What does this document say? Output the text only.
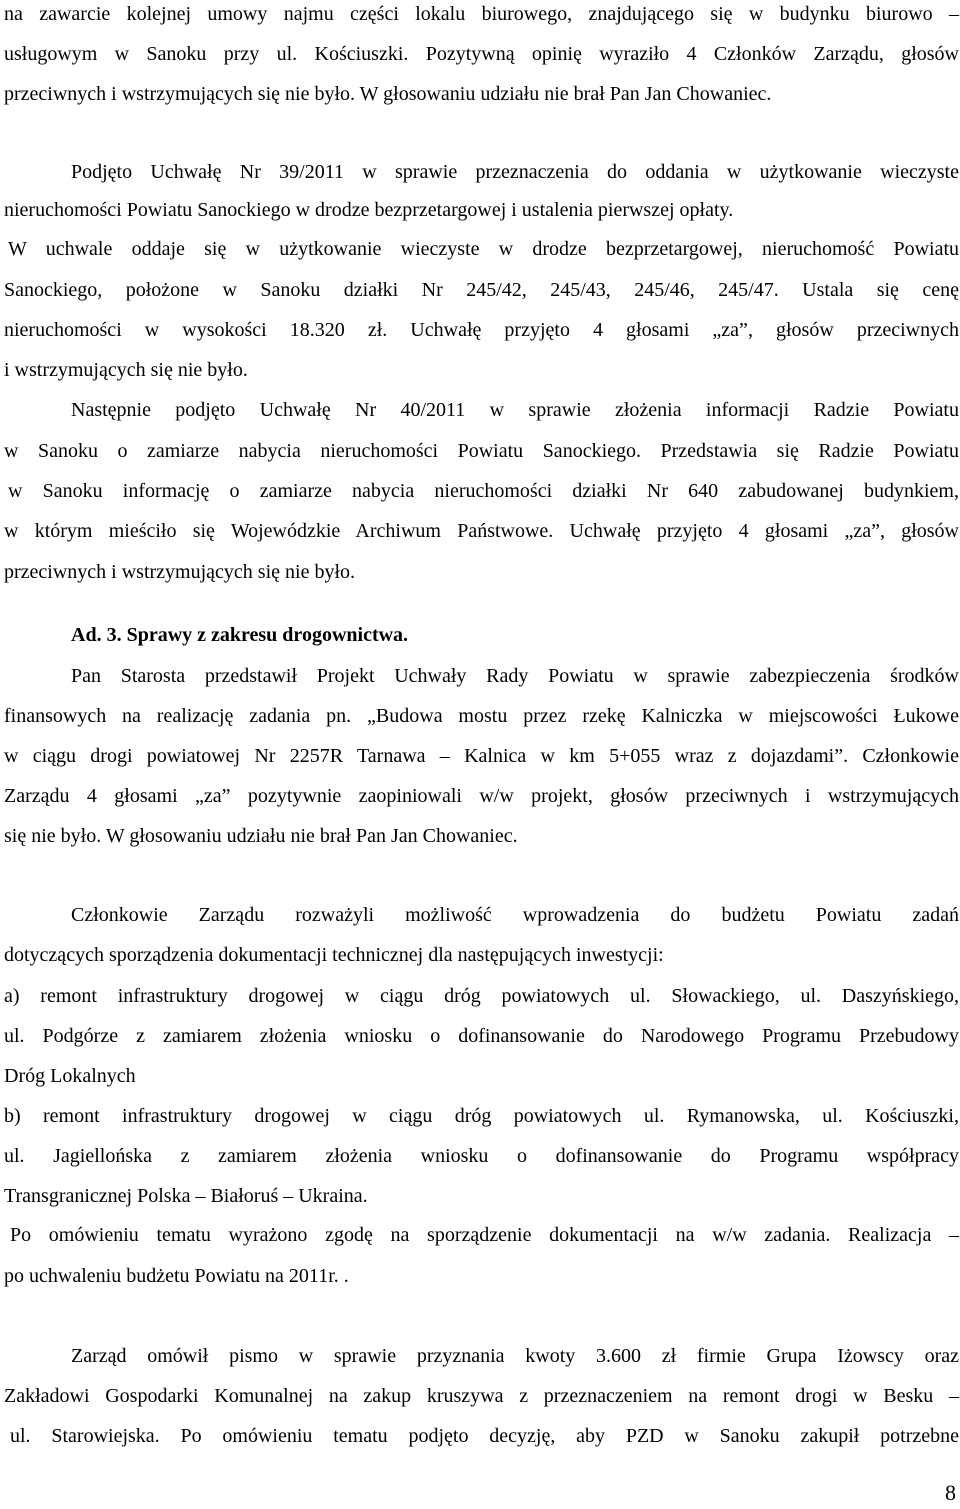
na zawarcie kolejnej umowy najmu części lokalu biurowego, znajdującego się w budynku biurowo –
usługowym w Sanoku przy ul. Kościuszki. Pozytywną opinię wyraziło 4 Członków Zarządu, głosów
przeciwnych i wstrzymujących się nie było. W głosowaniu udziału nie brał Pan Jan Chowaniec.
Podjęto Uchwałę Nr 39/2011 w sprawie przeznaczenia do oddania w użytkowanie wieczyste
nieruchomości Powiatu Sanockiego w drodze bezprzetargowej i ustalenia pierwszej opłaty.
W uchwale oddaje się w użytkowanie wieczyste w drodze bezprzetargowej, nieruchomość Powiatu
Sanockiego, położone w Sanoku działki Nr 245/42, 245/43, 245/46, 245/47. Ustala się cenę
nieruchomości w wysokości 18.320 zł. Uchwałę przyjęto 4 głosami „za”, głosów przeciwnych
i wstrzymujących się nie było.
Następnie podjęto Uchwałę Nr 40/2011 w sprawie złożenia informacji Radzie Powiatu
w Sanoku o zamiarze nabycia nieruchomości Powiatu Sanockiego. Przedstawia się Radzie Powiatu
w Sanoku informację o zamiarze nabycia nieruchomości działki Nr 640 zabudowanej budynkiem,
w którym mieściło się Wojewódzkie Archiwum Państwowe. Uchwałę przyjęto 4 głosami „za”, głosów
przeciwnych i wstrzymujących się nie było.
Ad. 3. Sprawy z zakresu drogownictwa.
Pan Starosta przedstawił Projekt Uchwały Rady Powiatu w sprawie zabezpieczenia środków
finansowych na realizację zadania pn. „Budowa mostu przez rzekę Kalniczka w miejscowości Łukowe
w ciągu drogi powiatowej Nr 2257R Tarnawa – Kalnica w km 5+055 wraz z dojazdami”. Członkowie
Zarządu 4 głosami „za” pozytywnie zaopiniowali w/w projekt, głosów przeciwnych i wstrzymujących
się nie było. W głosowaniu udziału nie brał Pan Jan Chowaniec.
Członkowie Zarządu rozważyli możliwość wprowadzenia do budżetu Powiatu zadań
dotyczących sporządzenia dokumentacji technicznej dla następujących inwestycji:
a) remont infrastruktury drogowej w ciągu dróg powiatowych ul. Słowackiego, ul. Daszyńskiego,
ul. Podgórze z zamiarem złożenia wniosku o dofinansowanie do Narodowego Programu Przebudowy
Dróg Lokalnych
b) remont infrastruktury drogowej w ciągu dróg powiatowych ul. Rymanowska, ul. Kościuszki,
ul. Jagiellońska z zamiarem złożenia wniosku o dofinansowanie do Programu współpracy
Transgranicznej Polska – Białoruś – Ukraina.
Po omówieniu tematu wyrażono zgodę na sporządzenie dokumentacji na w/w zadania. Realizacja –
po uchwaleniu budżetu Powiatu na 2011r. .
Zarząd omówił pismo w sprawie przyznania kwoty 3.600 zł firmie Grupa Iżowscy oraz
Zakładowi Gospodarki Komunalnej na zakup kruszywa z przeznaczeniem na remont drogi w Besku –
ul. Starowiejska. Po omówieniu tematu podjęto decyzję, aby PZD w Sanoku zakupił potrzebne
8
